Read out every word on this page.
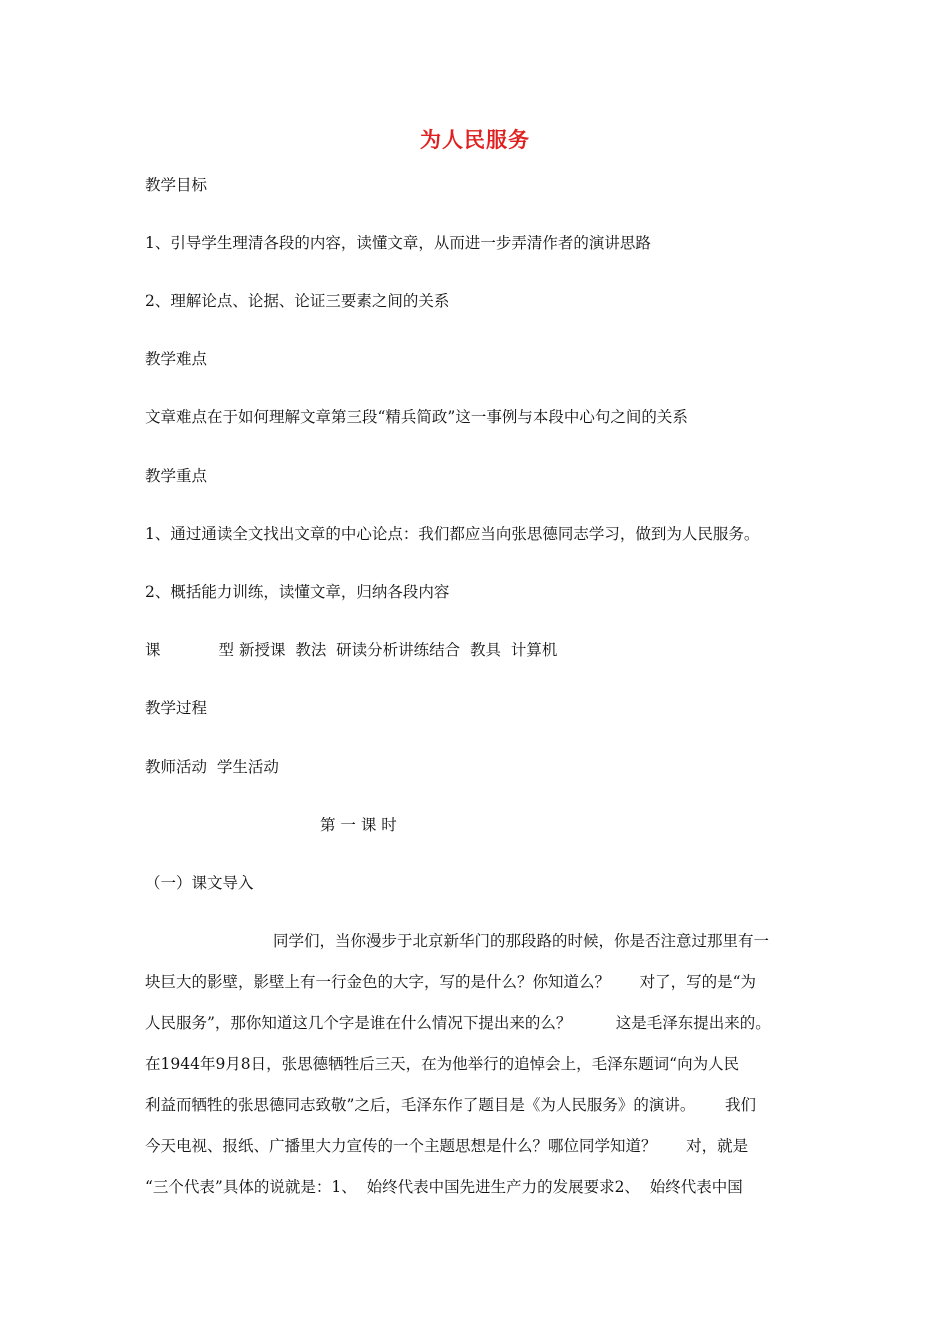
为人民服务
教学目标
1、引导学生理清各段的内容，读懂文章，从而进一步弄清作者的演讲思路
2、理解论点、论据、论证三要素之间的关系
教学难点
文章难点在于如何理解文章第三段“精兵简政”这一事例与本段中心句之间的关系
教学重点
1、通过通读全文找出文章的中心论点：我们都应当向张思德同志学习，做到为人民服务。
2、概括能力训练，读懂文章，归纳各段内容
课	型 新授课  教法  研读分析讲练结合  教具  计算机
教学过程
教师活动  学生活动
第 一 课 时
（一）课文导入
同学们，当你漫步于北京新华门的那段路的时候，你是否注意过那里有一
块巨大的影壁，影壁上有一行金色的大字，写的是什么？你知道么？      对了，写的是“为
人民服务”，那你知道这几个字是谁在什么情况下提出来的么？         这是毛泽东提出来的。
在1944年9月8日，张思德牺牲后三天，在为他举行的追悼会上，毛泽东题词“向为人民
利益而牺牲的张思德同志致敬”之后，毛泽东作了题目是《为人民服务》的演讲。      我们
今天电视、报纸、广播里大力宣传的一个主题思想是什么？哪位同学知道？      对，就是
“三个代表”具体的说就是：1、  始终代表中国先进生产力的发展要求2、  始终代表中国
